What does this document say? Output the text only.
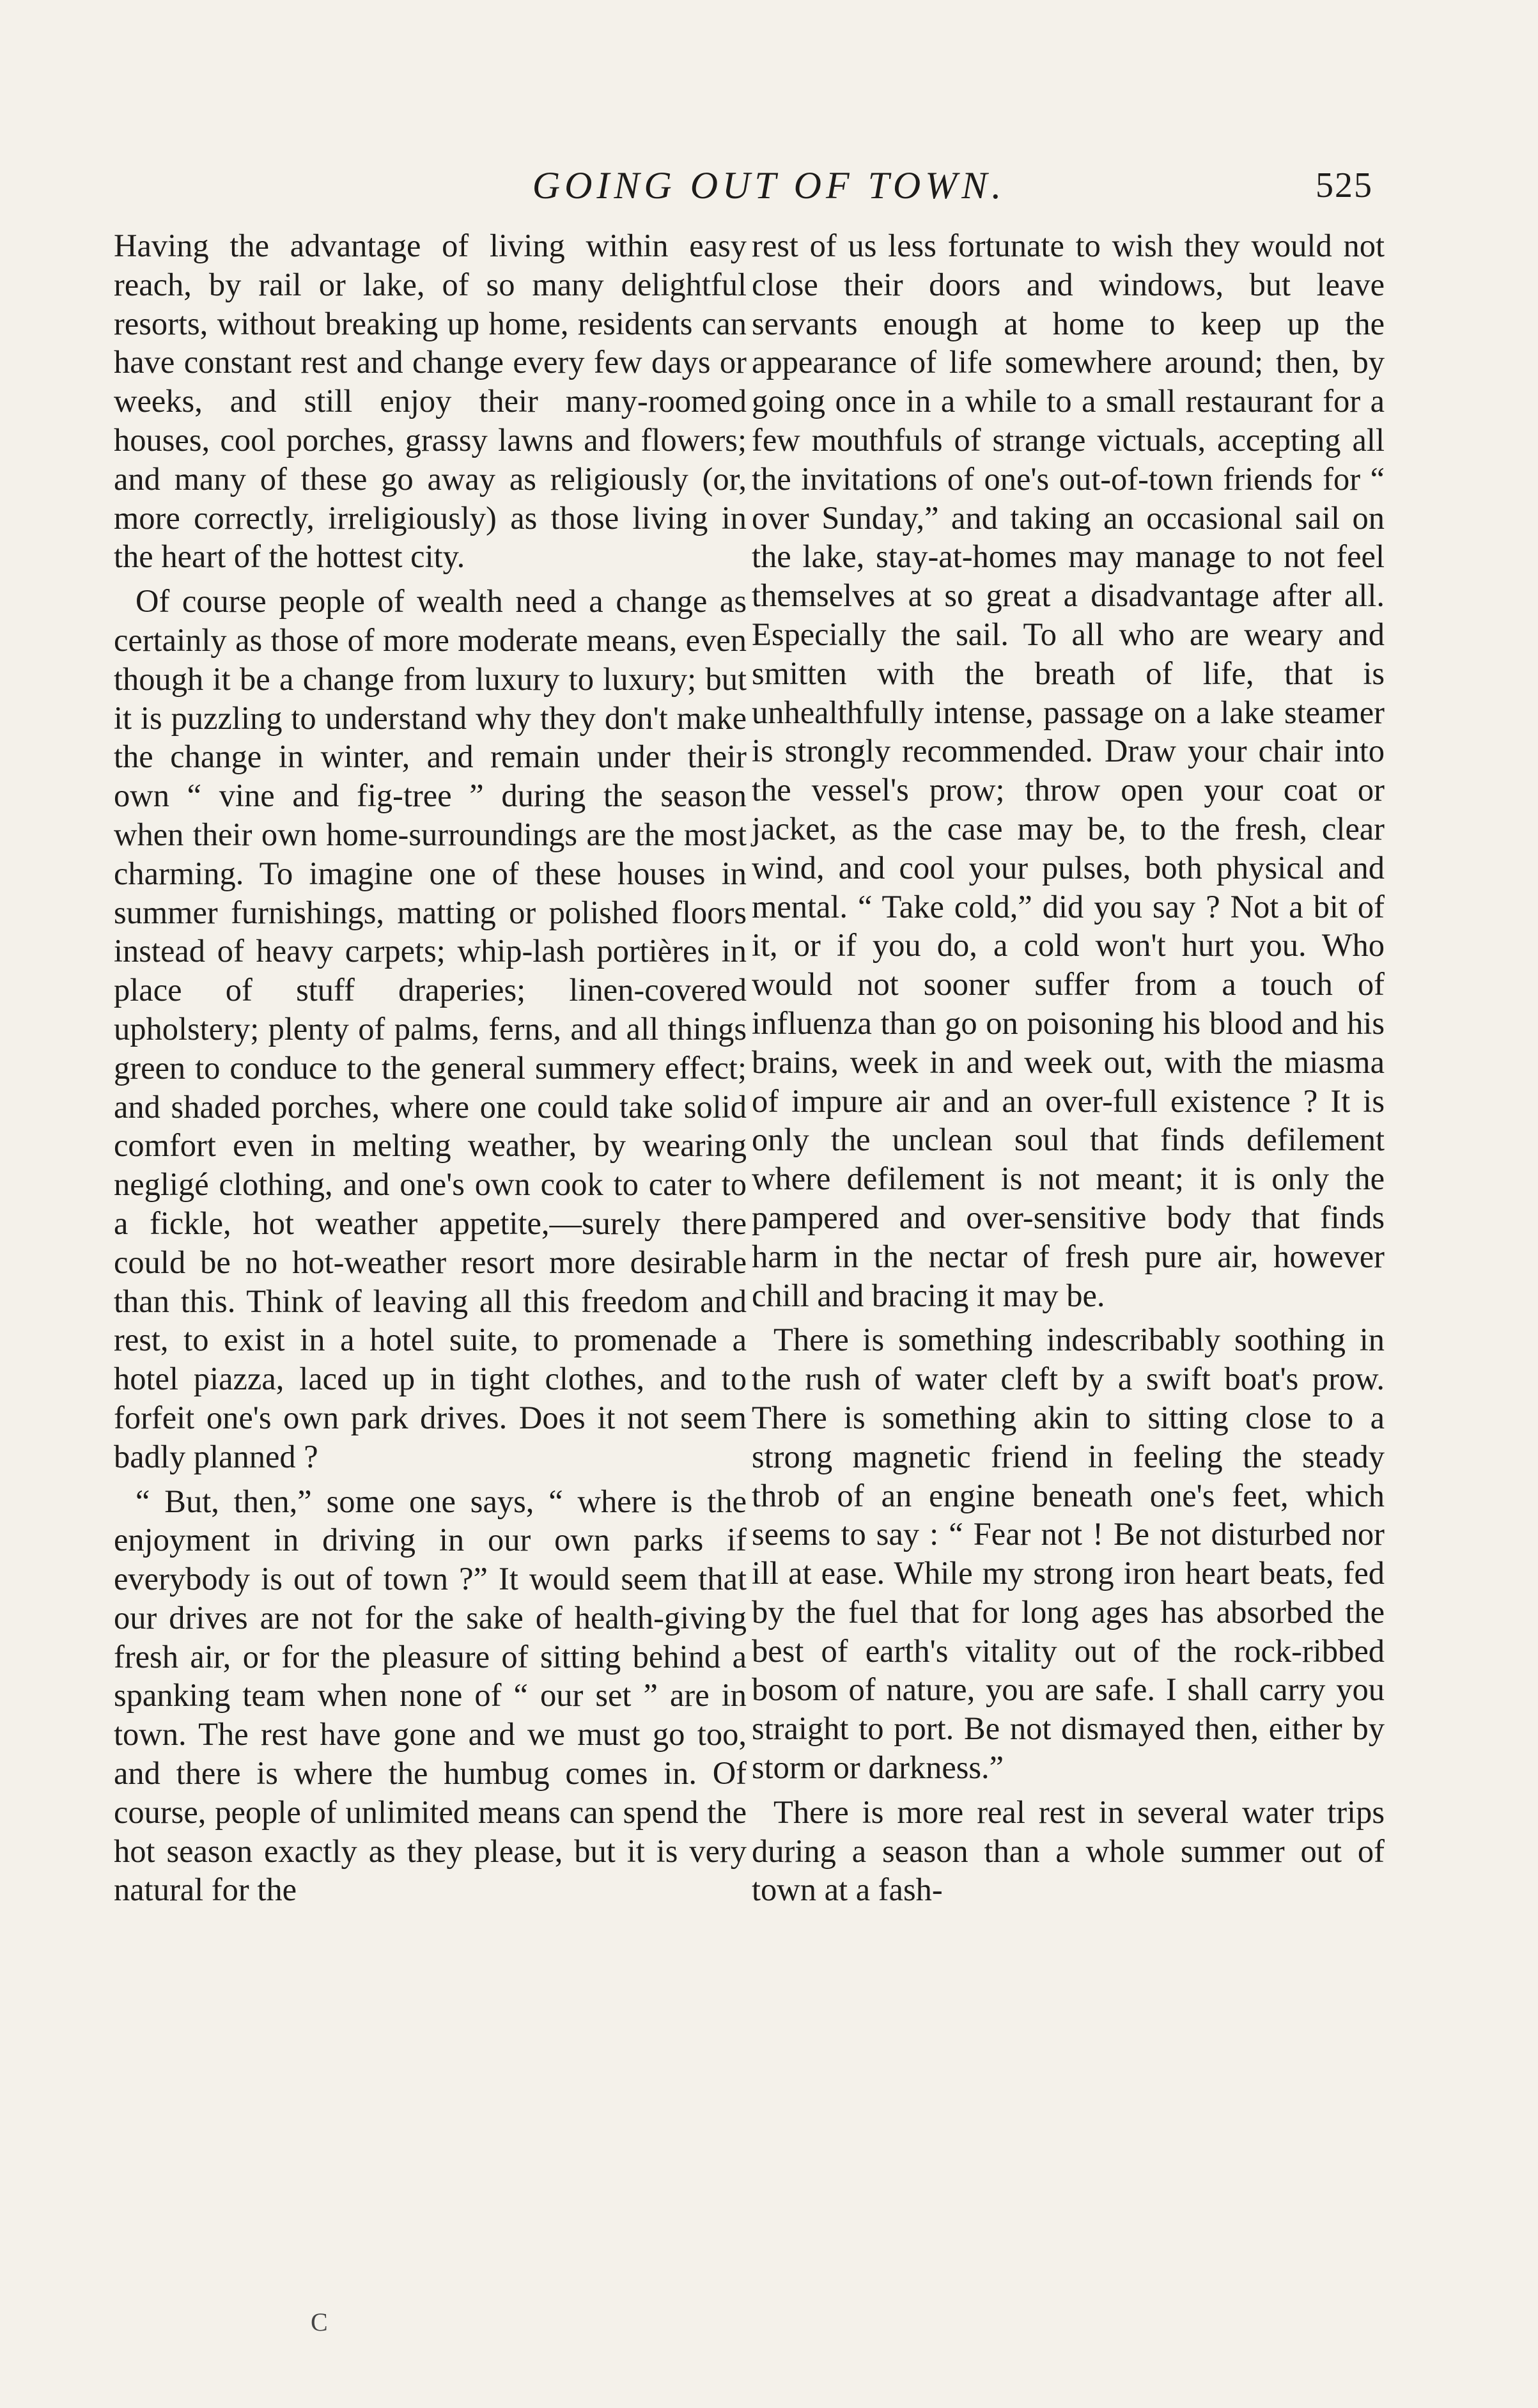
GOING OUT OF TOWN.	525

Having the advantage of living within easy reach, by rail or lake, of so many delightful resorts, without breaking up home, residents can have constant rest and change every few days or weeks, and still enjoy their many-roomed houses, cool porches, grassy lawns and flowers; and many of these go away as religiously (or, more correctly, irreligiously) as those living in the heart of the hottest city.

Of course people of wealth need a change as certainly as those of more moderate means, even though it be a change from luxury to luxury; but it is puzzling to understand why they don't make the change in winter, and remain under their own “ vine and fig-tree ” during the season when their own home-surroundings are the most charming. To imagine one of these houses in summer furnishings, matting or polished floors instead of heavy carpets; whip-lash portières in place of stuff draperies; linen-covered upholstery; plenty of palms, ferns, and all things green to conduce to the general summery effect; and shaded porches, where one could take solid comfort even in melting weather, by wearing negligé clothing, and one's own cook to cater to a fickle, hot weather appetite,—surely there could be no hot-weather resort more desirable than this. Think of leaving all this freedom and rest, to exist in a hotel suite, to promenade a hotel piazza, laced up in tight clothes, and to forfeit one's own park drives. Does it not seem badly planned ?

“ But, then,” some one says, “ where is the enjoyment in driving in our own parks if everybody is out of town ?” It would seem that our drives are not for the sake of health-giving fresh air, or for the pleasure of sitting behind a spanking team when none of “ our set ” are in town. The rest have gone and we must go too, and there is where the humbug comes in. Of course, people of unlimited means can spend the hot season exactly as they please, but it is very natural for the

rest of us less fortunate to wish they would not close their doors and windows, but leave servants enough at home to keep up the appearance of life somewhere around; then, by going once in a while to a small restaurant for a few mouthfuls of strange victuals, accepting all the invitations of one's out-of-town friends for “ over Sunday,” and taking an occasional sail on the lake, stay-at-homes may manage to not feel themselves at so great a disadvantage after all. Especially the sail. To all who are weary and smitten with the breath of life, that is unhealthfully intense, passage on a lake steamer is strongly recommended. Draw your chair into the vessel's prow; throw open your coat or jacket, as the case may be, to the fresh, clear wind, and cool your pulses, both physical and mental. “ Take cold,” did you say ? Not a bit of it, or if you do, a cold won't hurt you. Who would not sooner suffer from a touch of influenza than go on poisoning his blood and his brains, week in and week out, with the miasma of impure air and an over-full existence ? It is only the unclean soul that finds defilement where defilement is not meant; it is only the pampered and over-sensitive body that finds harm in the nectar of fresh pure air, however chill and bracing it may be.

There is something indescribably soothing in the rush of water cleft by a swift boat's prow. There is something akin to sitting close to a strong magnetic friend in feeling the steady throb of an engine beneath one's feet, which seems to say : “ Fear not ! Be not disturbed nor ill at ease. While my strong iron heart beats, fed by the fuel that for long ages has absorbed the best of earth's vitality out of the rock-ribbed bosom of nature, you are safe. I shall carry you straight to port. Be not dismayed then, either by storm or darkness.”

There is more real rest in several water trips during a season than a whole summer out of town at a fash-

C
